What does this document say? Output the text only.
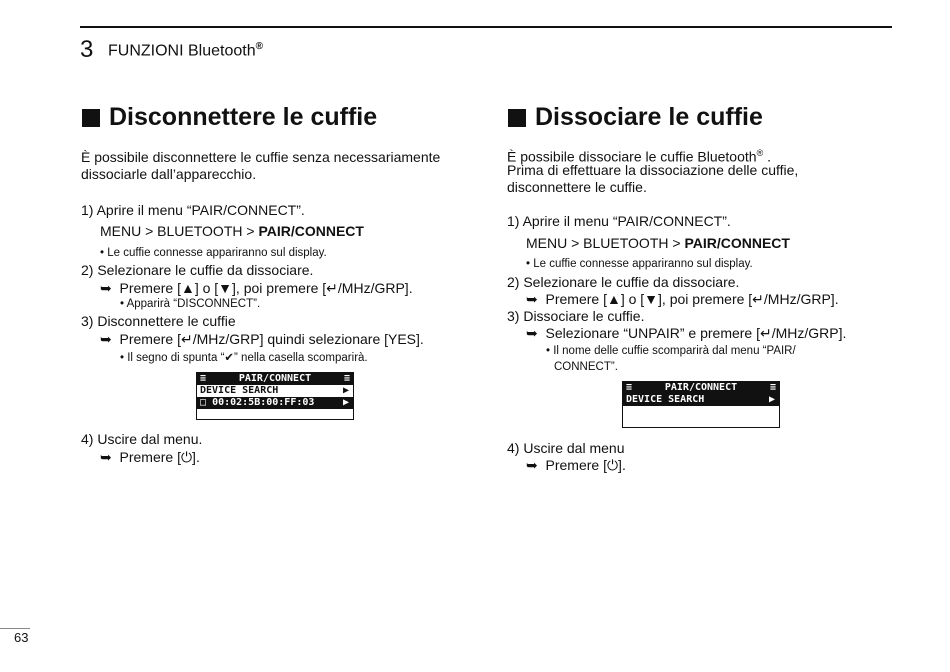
3 FUNZIONI Bluetooth®
Disconnettere le cuffie
È possibile disconnettere le cuffie senza necessariamente
dissociarle dall’apparecchio.
1) Aprire il menu “PAIR/CONNECT”.
MENU > BLUETOOTH > PAIR/CONNECT
• Le cuffie connesse appariranno sul display.
2) Selezionare le cuffie da dissociare.
➥ Premere [▲] o [▼], poi premere [↵/MHz/GRP].
• Apparirà “DISCONNECT”.
3) Disconnettere le cuffie
➥ Premere [↵/MHz/GRP] quindi selezionare [YES].
• Il segno di spunta “✔” nella casella scomparirà.
≡	PAIR/CONNECT	≡
DEVICE SEARCH	▶
□ 00:02:5B:00:FF:03	▶
4) Uscire dal menu.
➥ Premere [⏻].
Dissociare le cuffie
È possibile dissociare le cuffie Bluetooth® .
Prima di effettuare la dissociazione delle cuffie,
disconnettere le cuffie.
1) Aprire il menu “PAIR/CONNECT”.
MENU > BLUETOOTH > PAIR/CONNECT
• Le cuffie connesse appariranno sul display.
2) Selezionare le cuffie da dissociare.
➥ Premere [▲] o [▼], poi premere [↵/MHz/GRP].
3) Dissociare le cuffie.
➥ Selezionare “UNPAIR” e premere [↵/MHz/GRP].
• Il nome delle cuffie scomparirà dal menu “PAIR/
CONNECT”.
≡	PAIR/CONNECT	≡
DEVICE SEARCH	▶
4) Uscire dal menu
➥ Premere [⏻].
63
